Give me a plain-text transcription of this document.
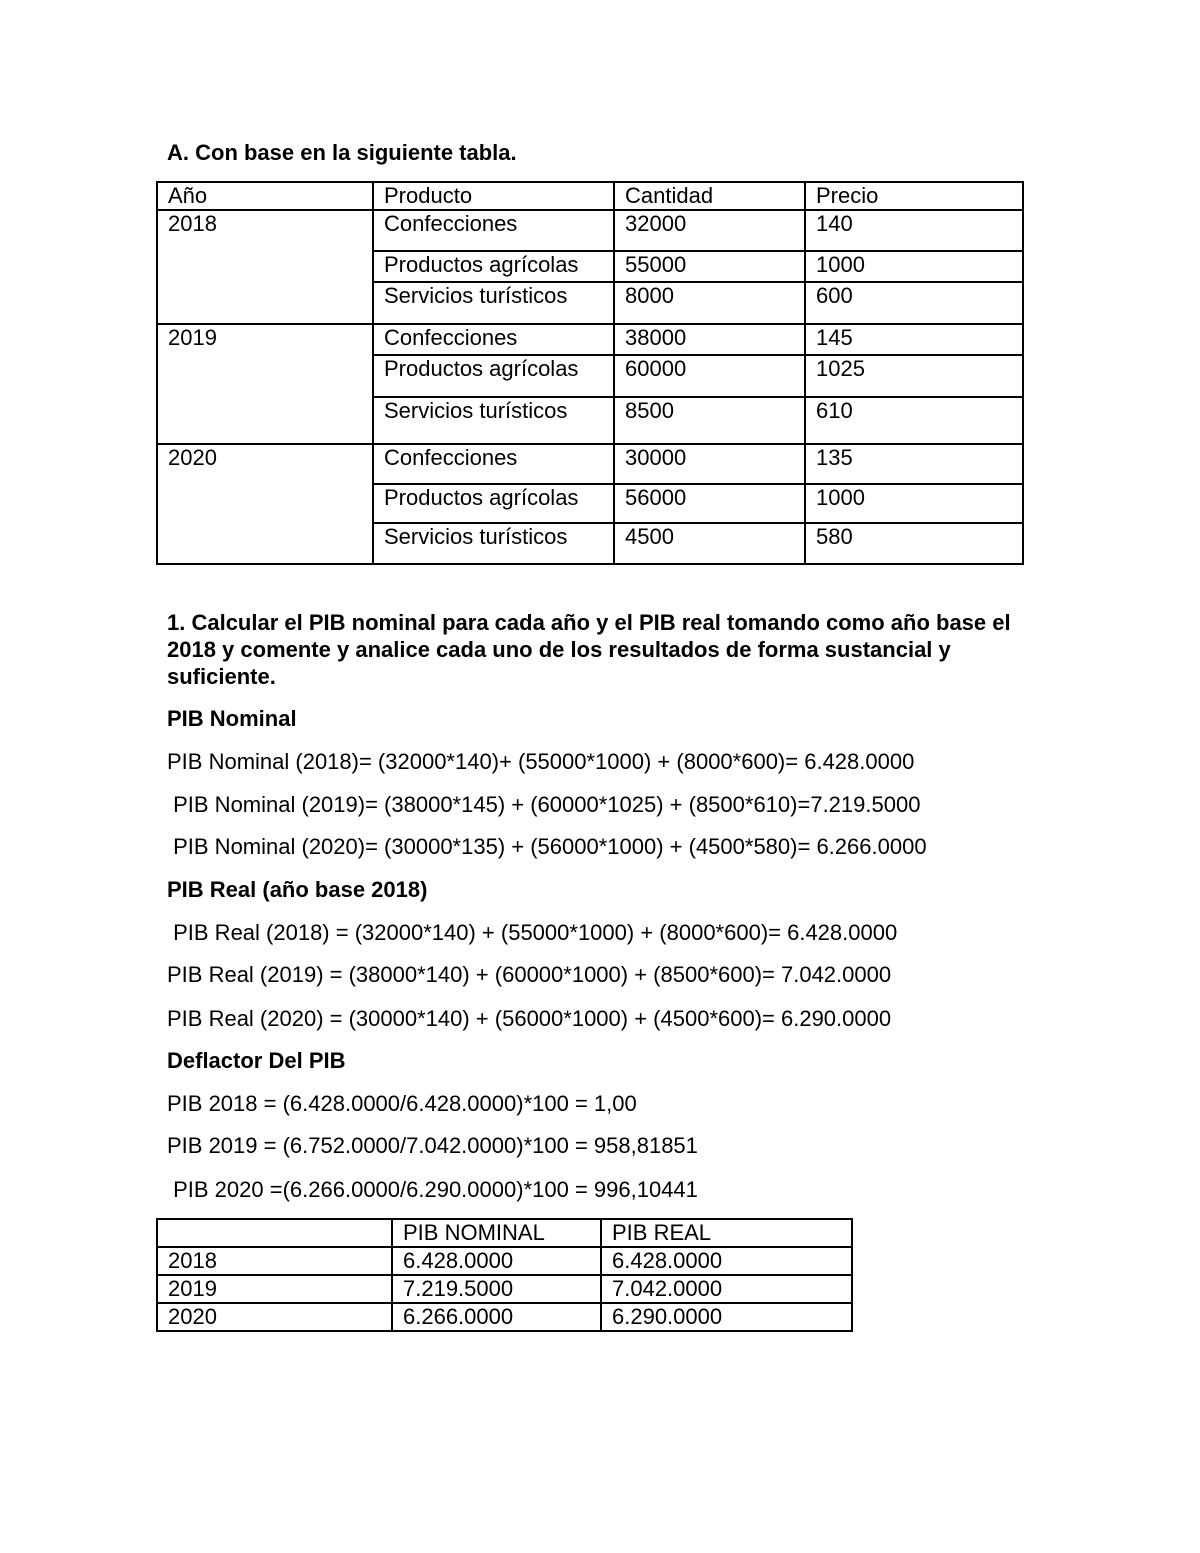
A. Con base en la siguiente tabla.
Año	Producto	Cantidad	Precio
2018	Confecciones	32000	140
	Productos agrícolas	55000	1000
	Servicios turísticos	8000	600
2019	Confecciones	38000	145
	Productos agrícolas	60000	1025
	Servicios turísticos	8500	610
2020	Confecciones	30000	135
	Productos agrícolas	56000	1000
	Servicios turísticos	4500	580
1. Calcular el PIB nominal para cada año y el PIB real tomando como año base el 2018 y comente y analice cada uno de los resultados de forma sustancial y suficiente.
PIB Nominal
PIB Nominal (2018)= (32000*140)+ (55000*1000) + (8000*600)= 6.428.0000
PIB Nominal (2019)= (38000*145) + (60000*1025) + (8500*610)=7.219.5000
PIB Nominal (2020)= (30000*135) + (56000*1000) + (4500*580)= 6.266.0000
PIB Real (año base 2018)
PIB Real (2018) = (32000*140) + (55000*1000) + (8000*600)= 6.428.0000
PIB Real (2019) = (38000*140) + (60000*1000) + (8500*600)= 7.042.0000
PIB Real (2020) = (30000*140) + (56000*1000) + (4500*600)= 6.290.0000
Deflactor Del PIB
PIB 2018 = (6.428.0000/6.428.0000)*100 = 1,00
PIB 2019 = (6.752.0000/7.042.0000)*100 = 958,81851
PIB 2020 =(6.266.0000/6.290.0000)*100 = 996,10441
	PIB NOMINAL	PIB REAL
2018	6.428.0000	6.428.0000
2019	7.219.5000	7.042.0000
2020	6.266.0000	6.290.0000
